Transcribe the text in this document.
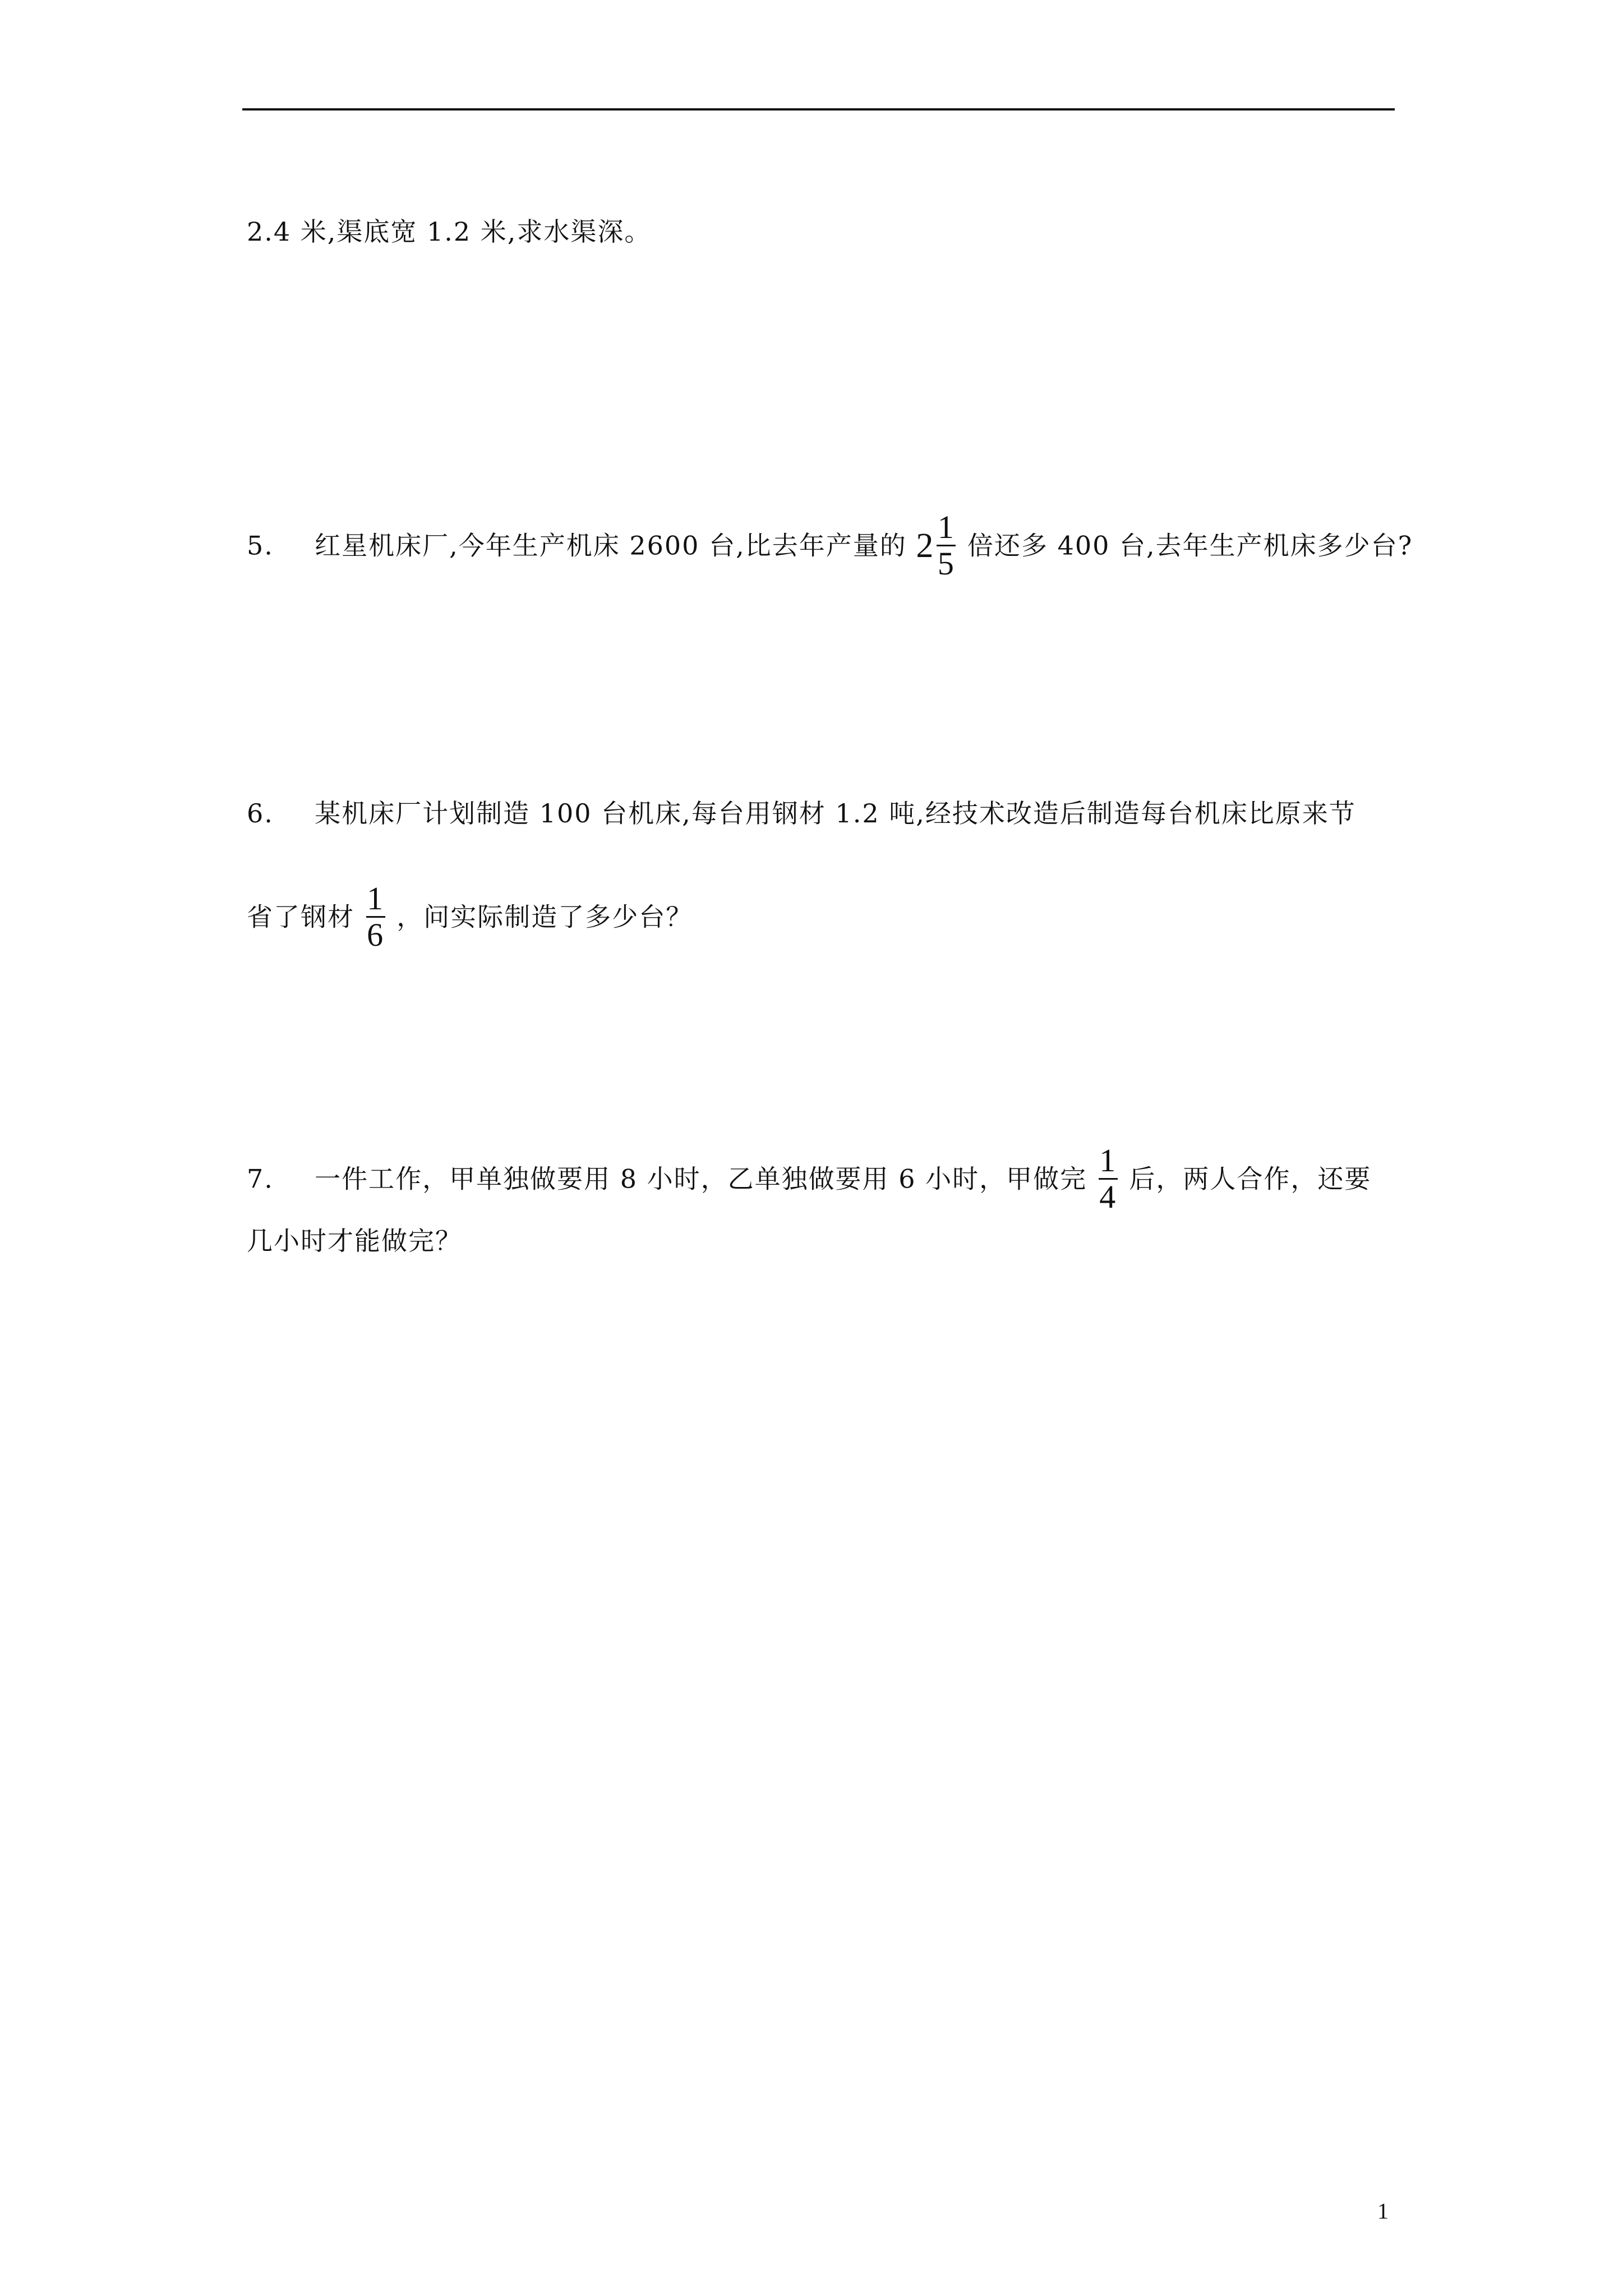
2.4 米,渠底宽 1.2 米,求水渠深。
5. 红星机床厂,今年生产机床 2600 台,比去年产量的 $2 \frac{1}{5}$ 倍还多 400 台,去年生产机床多少台?
6. 某机床厂计划制造 100 台机床,每台用钢材 1.2 吨,经技术改造后制造每台机床比原来节
省了钢材 $\frac{1}{6}$ ，问实际制造了多少台？
7. 一件工作，甲单独做要用 8 小时，乙单独做要用 6 小时，甲做完 $\frac{1}{4}$ 后，两人合作，还要
几小时才能做完？
1
